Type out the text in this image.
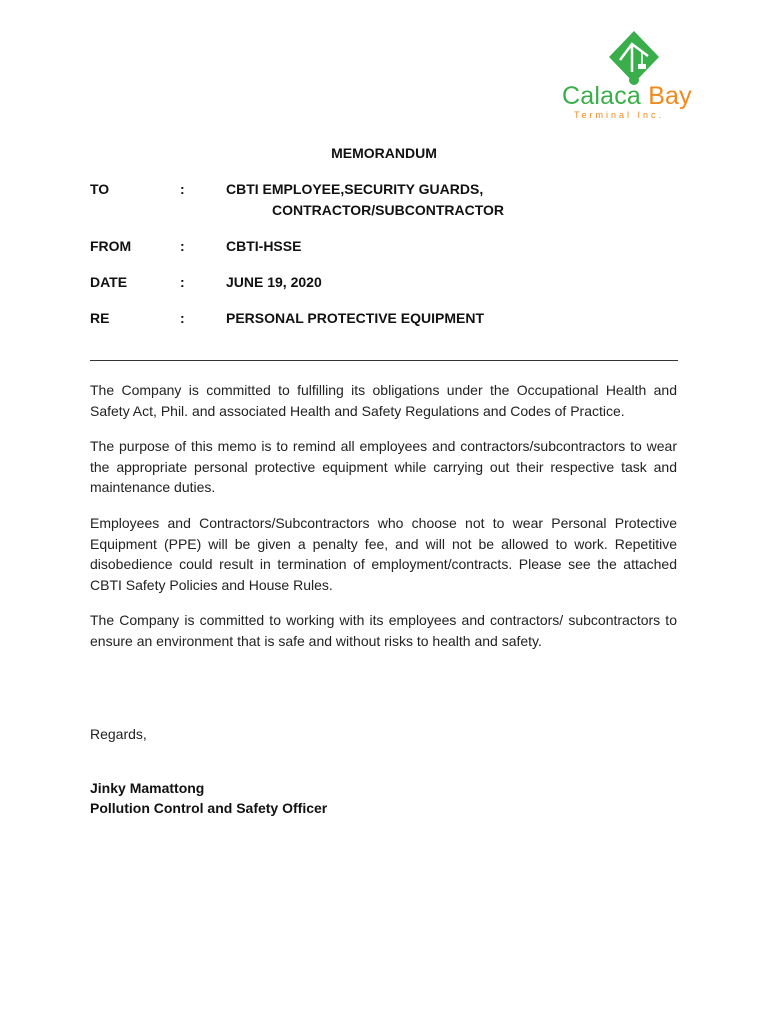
Calaca Bay
Terminal Inc.
MEMORANDUM
TO	:	CBTI EMPLOYEE,SECURITY GUARDS,
CONTRACTOR/SUBCONTRACTOR
FROM	:	CBTI-HSSE
DATE	:	JUNE 19, 2020
RE	:	PERSONAL PROTECTIVE EQUIPMENT

The Company is committed to fulfilling its obligations under the Occupational Health and Safety Act, Phil. and associated Health and Safety Regulations and Codes of Practice.

The purpose of this memo is to remind all employees and contractors/subcontractors to wear the appropriate personal protective equipment while carrying out their respective task and maintenance duties.

Employees and Contractors/Subcontractors who choose not to wear Personal Protective Equipment (PPE) will be given a penalty fee, and will not be allowed to work. Repetitive disobedience could result in termination of employment/contracts. Please see the attached CBTI Safety Policies and House Rules.

The Company is committed to working with its employees and contractors/ subcontractors to ensure an environment that is safe and without risks to health and safety.

Regards,
Jinky Mamattong
Pollution Control and Safety Officer
